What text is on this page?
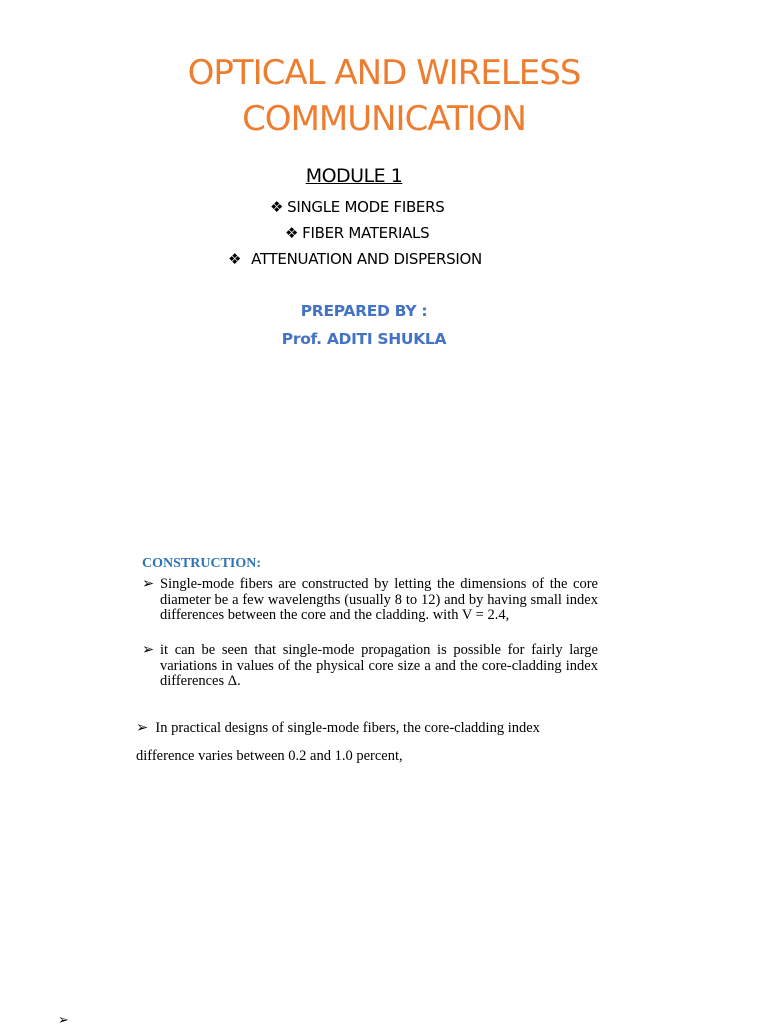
OPTICAL AND WIRELESS
COMMUNICATION
MODULE 1
❖ SINGLE MODE FIBERS
❖ FIBER MATERIALS
❖ ATTENUATION AND DISPERSION
PREPARED BY :
Prof. ADITI SHUKLA
CONSTRUCTION:
➢ Single-mode fibers are constructed by letting the dimensions of the core diameter be a few wavelengths (usually 8 to 12) and by having small index differences between the core and the cladding. with V = 2.4,
➢ it can be seen that single-mode propagation is possible for fairly large variations in values of the physical core size a and the core-cladding index differences Δ.
➢ In practical designs of single-mode fibers, the core-cladding index
difference varies between 0.2 and 1.0 percent,
➢
